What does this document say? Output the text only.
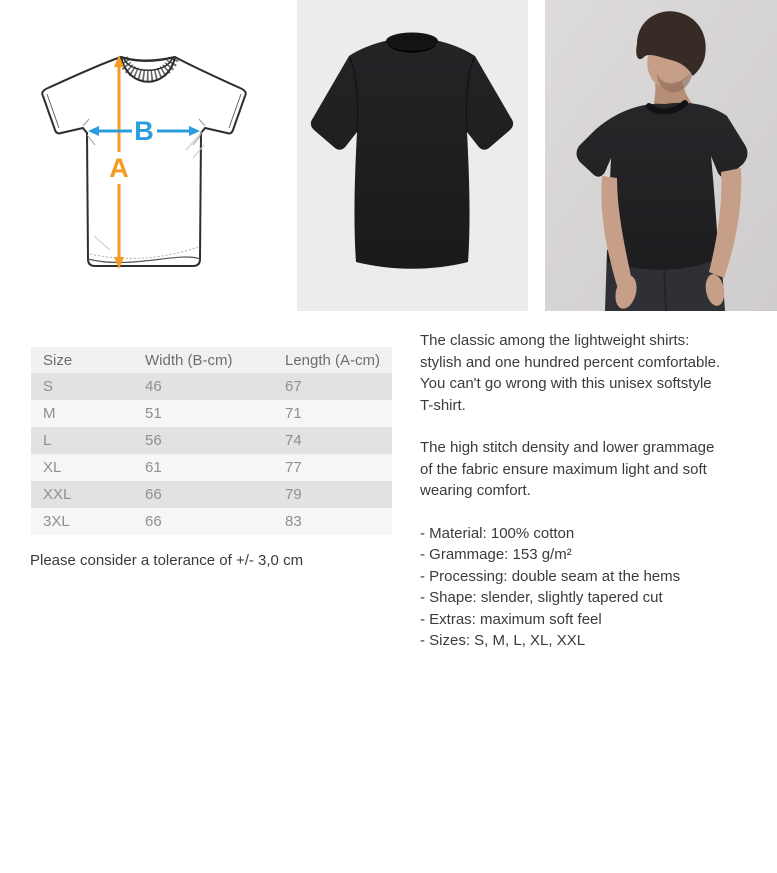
A
B
Size	Width (B-cm)	Length (A-cm)
S	46	67
M	51	71
L	56	74
XL	61	77
XXL	66	79
3XL	66	83
Please consider a tolerance of +/- 3,0 cm
The classic among the lightweight shirts:
stylish and one hundred percent comfortable.
You can't go wrong with this unisex softstyle
T-shirt.
The high stitch density and lower grammage
of the fabric ensure maximum light and soft
wearing comfort.
- Material: 100% cotton
- Grammage: 153 g/m²
- Processing: double seam at the hems
- Shape: slender, slightly tapered cut
- Extras: maximum soft feel
- Sizes: S, M, L, XL, XXL
